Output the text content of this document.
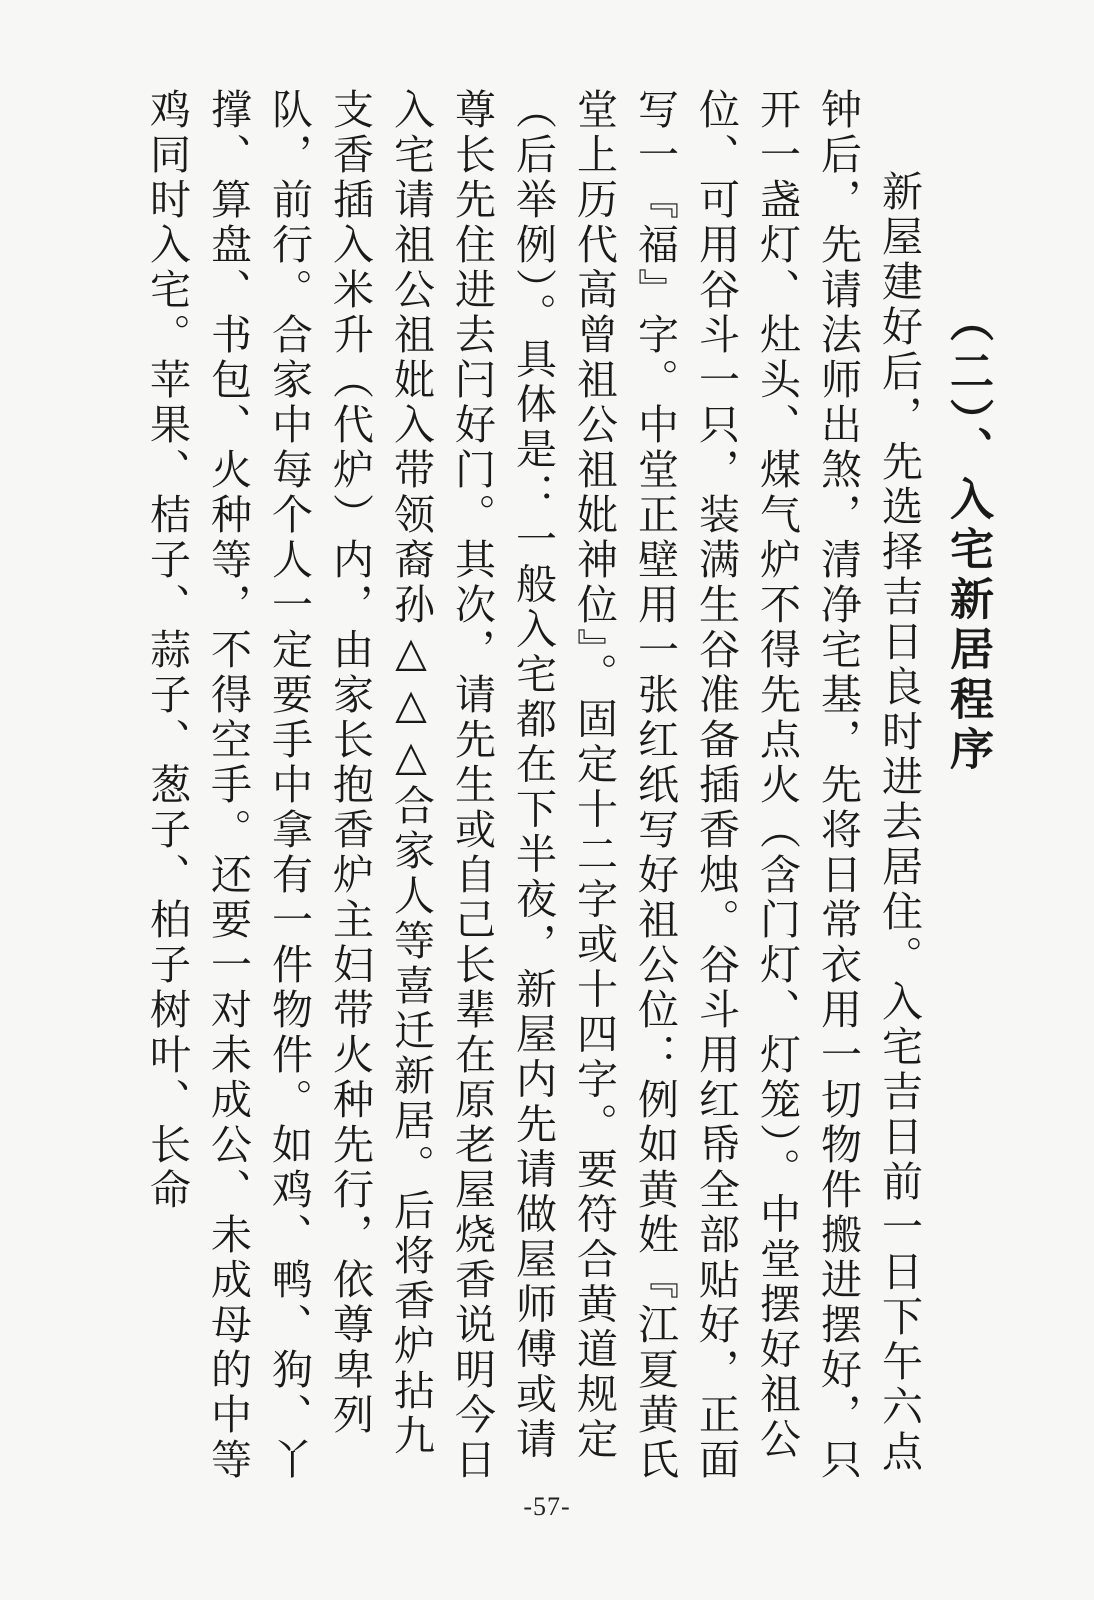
（二）、入宅新居程序
新屋建好后，先选择吉日良时进去居住。入宅吉日前一日下午六点钟后，先请法师出煞，清净宅基，先将日常衣用一切物件搬进摆好，只开一盏灯、灶头、煤气炉不得先点火（含门灯、灯笼）。中堂摆好祖公位、可用谷斗一只，装满生谷准备插香烛。谷斗用红帋全部贴好，正面写一『福』字。中堂正壁用一张红纸写好祖公位：例如黄姓『江夏黄氏堂上历代高曾祖公祖妣神位』。固定十二字或十四字。要符合黄道规定（后举例）。具体是：一般入宅都在下半夜，新屋内先请做屋师傅或请尊长先住进去闩好门。其次，请先生或自己长辈在原老屋烧香说明今日入宅请祖公祖妣入带领裔孙△△△合家人等喜迁新居。后将香炉拈九支香插入米升（代炉）内，由家长抱香炉主妇带火种先行，依尊卑列队，前行。合家中每个人一定要手中拿有一件物件。如鸡、鸭、狗、丫撑、算盘、书包、火种等，不得空手。还要一对未成公、未成母的中等鸡同时入宅。苹果、桔子、蒜子、葱子、柏子树叶、长命
-57-
